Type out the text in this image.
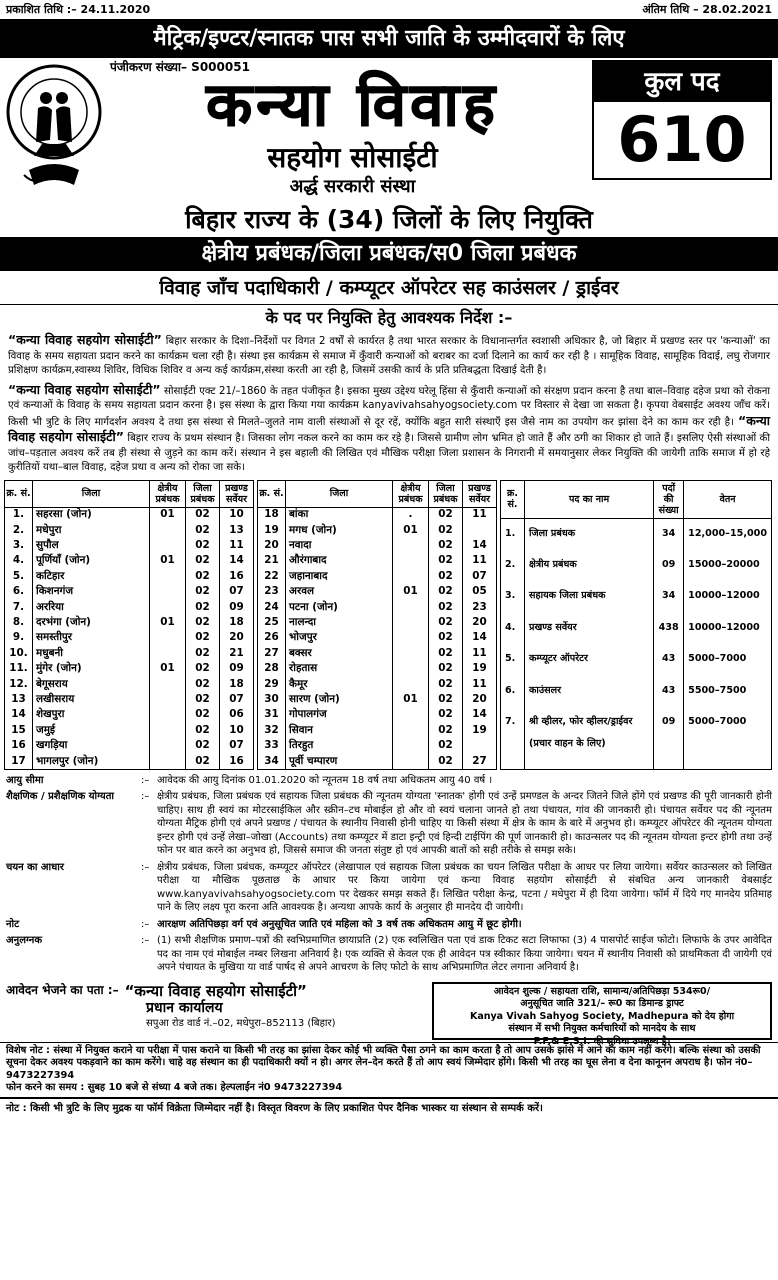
प्रकाशित तिथि :– 24.11.2020	अंतिम तिथि – 28.02.2021
मैट्रिक/इण्टर/स्नातक पास सभी जाति के उम्मीदवारों के लिए
पंजीकरण संख्या– S000051
कन्या विवाह
सहयोग सोसाईटी
अर्द्ध सरकारी संस्था
कुल पद
610
बिहार राज्य के (34) जिलों के लिए नियुक्ति
क्षेत्रीय प्रबंधक/जिला प्रबंधक/स0 जिला प्रबंधक
विवाह जाँच पदाधिकारी / कम्प्यूटर ऑपरेटर सह काउंसलर / ड्राईवर
के पद पर नियुक्ति हेतु आवश्यक निर्देश :–
“कन्या विवाह सहयोग सोसाईटी” बिहार सरकार के दिशा–निर्देशों पर विगत 2 वर्षों से कार्यरत है तथा भारत सरकार के विधानान्तर्गत स्वशासी अधिकार है, जो बिहार में प्रखण्ड स्तर पर 'कन्याओं' का विवाह के समय सहायता प्रदान करने का कार्यक्रम चला रही है। संस्था इस कार्यक्रम से समाज में कुँवारी कन्याओं को बराबर का दर्जा दिलाने का कार्य कर रही है । सामूहिक विवाह, सामूहिक विदाई, लघु रोजगार प्रशिक्षण कार्यक्रम,स्वास्थ्य शिविर, विधिक शिविर व अन्य कई कार्यक्रम,संस्था करती आ रही है, जिसमें उसकी कार्य के प्रति प्रतिबद्धता दिखाई देती है।
“कन्या विवाह सहयोग सोसाईटी” सोसाईटी एक्ट 21/–1860 के तहत पंजीकृत है। इसका मुख्य उद्देश्य घरेलू हिंसा से कुँवारी कन्याओं को संरक्षण प्रदान करना है तथा बाल–विवाह दहेज प्रथा को रोकना एवं कन्याओं के विवाह के समय सहायता प्रदान करना है। इस संस्था के द्वारा किया गया कार्यक्रम kanyavivahsahyogsociety.com पर विस्तार से देखा जा सकता है। कृपया वेबसाईट अवश्य जाँच करें। किसी भी त्रुटि के लिए मार्गदर्शन अवश्य दे तथा इस संस्था से मिलते–जुलते नाम वाली संस्थाओं से दूर रहें, क्योंकि बहुत सारी संस्थाएँ इस जैसे नाम का उपयोग कर झांसा देने का काम कर रही है। “कन्या विवाह सहयोग सोसाईटी” बिहार राज्य के प्रथम संस्थान है। जिसका लोग नकल करने का काम कर रहे है। जिससे ग्रामीण लोग भ्रमित हो जाते हैं और ठगी का शिकार हो जाते हैं। इसलिए ऐसी संस्थाओं की जांच–पड़ताल अवश्य करें तब ही संस्था से जुड़ने का काम करें। संस्थान ने इस बहाली की लिखित एवं मौखिक परीक्षा जिला प्रशासन के निगरानी में समयानुसार लेकर नियुक्ति की जायेगी ताकि समाज में हो रहे कुरीतियों यथा–बाल विवाह, दहेज प्रथा व अन्य को रोका जा सके।
क्र. सं.	जिला	क्षेत्रीय प्रबंधक	जिला प्रबंधक	प्रखण्ड सर्वेयर
1.	सहरसा (जोन)	01	02	10
2.	मधेपुरा		02	13
3.	सुपौल		02	11
4.	पूर्णियाँ (जोन)	01	02	14
5.	कटिहार		02	16
6.	किशनगंज		02	07
7.	अररिया		02	09
8.	दरभंगा (जोन)	01	02	18
9.	समस्तीपुर		02	20
10.	मधुबनी		02	21
11.	मुंगेर (जोन)	01	02	09
12.	बेगूसराय		02	18
13	लखीसराय		02	07
14	शेखपुरा		02	06
15	जमुई		02	10
16	खगड़िया		02	07
17	भागलपुर (जोन)		02	16
क्र. सं.	जिला	क्षेत्रीय प्रबंधक	जिला प्रबंधक	प्रखण्ड सर्वेयर
18	बांका	.	02	11
19	मगध (जोन)	01	02	
20	नवादा		02	14
21	औरंगाबाद		02	11
22	जहानाबाद		02	07
23	अरवल	01	02	05
24	पटना (जोन)		02	23
25	नालन्दा		02	20
26	भोजपुर		02	14
27	बक्सर		02	11
28	रोहतास		02	19
29	कैमूर		02	11
30	सारण (जोन)	01	02	20
31	गोपालगंज		02	14
32	सिवान		02	19
33	तिरहुत		02	
34	पूर्वी चम्पारण		02	27
क्र. सं.	पद का नाम	पदों की संख्या	वेतन
1.	जिला प्रबंधक	34	12,000–15,000
2.	क्षेत्रीय प्रबंधक	09	15000–20000
3.	सहायक जिला प्रबंधक	34	10000–12000
4.	प्रखण्ड सर्वेयर	438	10000–12000
5.	कम्प्यूटर ऑपरेटर	43	5000–7000
6.	काउंसलर	43	5500–7500
7.	श्री व्हीलर, फोर व्हीलर/ड्राईवर	09	5000–7000
	(प्रचार वाहन के लिए)		
आयु सीमा	:– आवेदक की आयु दिनांक 01.01.2020 को न्यूनतम 18 वर्ष तथा अधिकतम आयु 40 वर्ष ।
शैक्षणिक / प्रशैक्षणिक योग्यता	:– क्षेत्रीय प्रबंधक, जिला प्रबंधक एवं सहायक जिला प्रबंधक की न्यूनतम योग्यता 'स्नातक' होगी एवं उन्हें प्रमण्डल के अन्दर जितने जिले होंगे एवं प्रखण्ड की पूरी जानकारी होनी चाहिए। साथ ही स्वयं का मोटरसाईकिल और स्क्रीन–टच मोबाईल हो और वो स्वयं चलाना जानते हो तथा पंचायत, गांव की जानकारी हो। पंचायत सर्वेयर पद की न्यूनतम योग्यता मैट्रिक होगी एवं अपने प्रखण्ड / पंचायत के स्थानीय निवासी होनी चाहिए या किसी संस्था में क्षेत्र के काम के बारे में अनुभव हो। कम्प्यूटर ऑपरेटर की न्यूनतम योग्यता इन्टर होगी एवं उन्हें लेखा–जोखा (Accounts) तथा कम्प्यूटर में डाटा इन्ट्री एवं हिन्दी टाईपिंग की पूर्ण जानकारी हो। काउन्सलर पद की न्यूनतम योग्यता इन्टर होगी तथा उन्हें फोन पर बात करने का अनुभव हो, जिससे समाज की जनता संतुष्ट हो एवं आपकी बातों को सही तरीके से समझ सके।
चयन का आधार	:– क्षेत्रीय प्रबंधक, जिला प्रबंधक, कम्प्यूटर ऑपरेटर (लेखापाल एवं सहायक जिला प्रबंधक का चयन लिखित परीक्षा के आधर पर लिया जायेगा। सर्वेयर काउन्सलर को लिखित परीक्षा या मौखिक पूछताछ के आधार पर किया जायेगा एवं कन्या विवाह सहयोग सोसाईटी से संबधित अन्य जानकारी वेबसाईट www.kanyavivahsahyogsociety.com पर देखकर समझ सकते हैं। लिखित परीक्षा केन्द्र, पटना / मधेपुरा में ही दिया जायेगा। फॉर्म में दिये गए मानदेय प्रतिमाह पाने के लिए लक्ष्य पूरा करना अति आवश्यक है। अन्यथा आपके कार्य के अनुसार ही मानदेय दी जायेगी।
नोट	:– आरक्षण अतिपिछड़ा वर्ग एवं अनुसूचित जाति एवं महिला को 3 वर्ष तक अधिकतम आयु में छूट होगी।
अनुलग्नक	:– (1) सभी शैक्षणिक प्रमाण–पत्रों की स्वभिप्रमाणित छायाप्रति (2) एक स्वलिखित पता एवं डाक टिकट सटा लिफाफा (3) 4 पासपोर्ट साईज फोटो। लिफाफे के उपर आवेदित पद का नाम एवं मोबाईल नम्बर लिखना अनिवार्य है। एक व्यक्ति से केवल एक ही आवेदन पत्र स्वीकार किया जायेगा। चयन में स्थानीय निवासी को प्राथमिकता दी जायेगी एवं अपने पंचायत के मुखिया या वार्ड पार्षद से अपने आचरण के लिए फोटो के साथ अभिप्रमाणित लेटर लगाना अनिवार्य है।
आवेदन भेजने का पता :– “कन्या विवाह सहयोग सोसाईटी”
प्रधान कार्यालय
सपुआ रोड वार्ड नं.–02, मधेपुरा–852113 (बिहार)
आवेदन शुल्क / सहायता राशि, सामान्य/अतिपिछड़ा 534रू0/
अनुसूचित जाति 321/– रू0 का डिमान्ड ड्राफ्ट
Kanya Vivah Sahyog Society, Madhepura को देय होगा
संस्थान में सभी नियुक्त कर्मचारियों को मानदेय के साथ
P.F.& E.S.I. की सुविधा उपलब्ध है।
विशेष नोट : संस्था में नियुक्त कराने या परीक्षा में पास कराने या किसी भी तरह का झांसा देकर कोई भी व्यक्ति पैसा ठगने का काम करता है तो आप उसके झांसे में आने का काम नहीं करेंगे। बल्कि संस्था को उसकी सूचना देकर अवश्य पकड़वाने का काम करेंगे। चाहे वह संस्थान का ही पदाधिकारी क्यों न हो। अगर लेन–देन करते हैं तो आप स्वयं जिम्मेदार होंगे। किसी भी तरह का घूस लेना व देना कानूनन अपराध है। फोन नं0–9473227394
फोन करने का समय : सुबह 10 बजे से संध्या 4 बजे तक। हेल्पलाईन नं0 9473227394
नोट : किसी भी त्रुटि के लिए मुद्रक या फॉर्म विक्रेता जिम्मेदार नहीं है। विस्तृत विवरण के लिए प्रकाशित पेपर दैनिक भास्कर या संस्थान से सम्पर्क करें।
